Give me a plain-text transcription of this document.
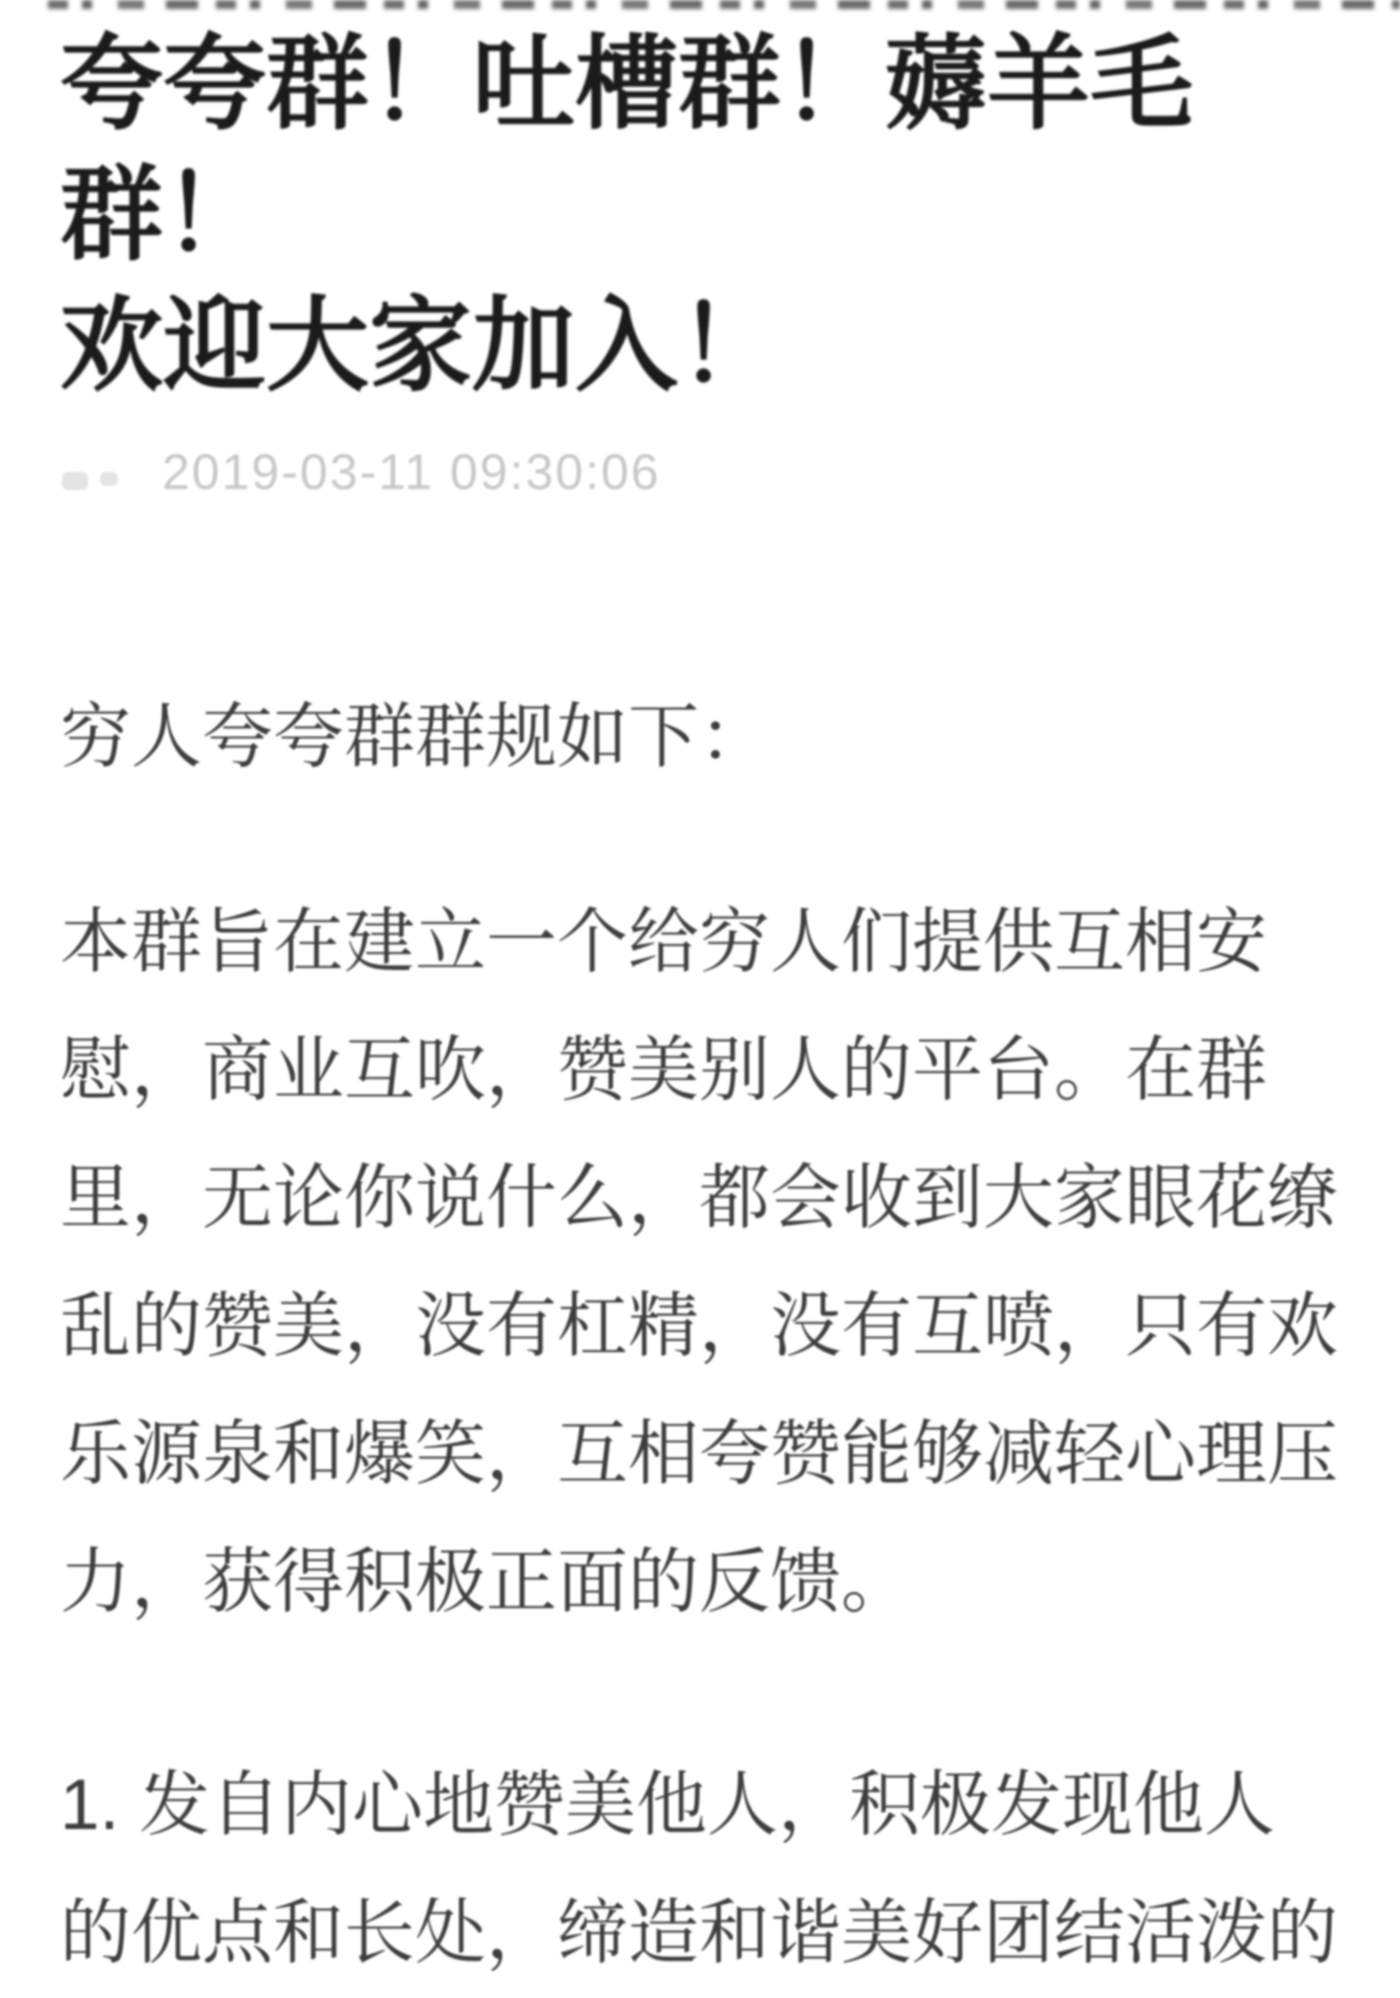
夸夸群！吐槽群！薅羊毛群！
欢迎大家加入！
2019-03-11 09:30:06
穷人夸夸群群规如下：
本群旨在建立一个给穷人们提供互相安
慰，商业互吹，赞美别人的平台。在群
里，无论你说什么，都会收到大家眼花缭
乱的赞美，没有杠精，没有互喷，只有欢
乐源泉和爆笑，互相夸赞能够减轻心理压
力，获得积极正面的反馈。
1. 发自内心地赞美他人，积极发现他人
的优点和长处，缔造和谐美好团结活泼的
